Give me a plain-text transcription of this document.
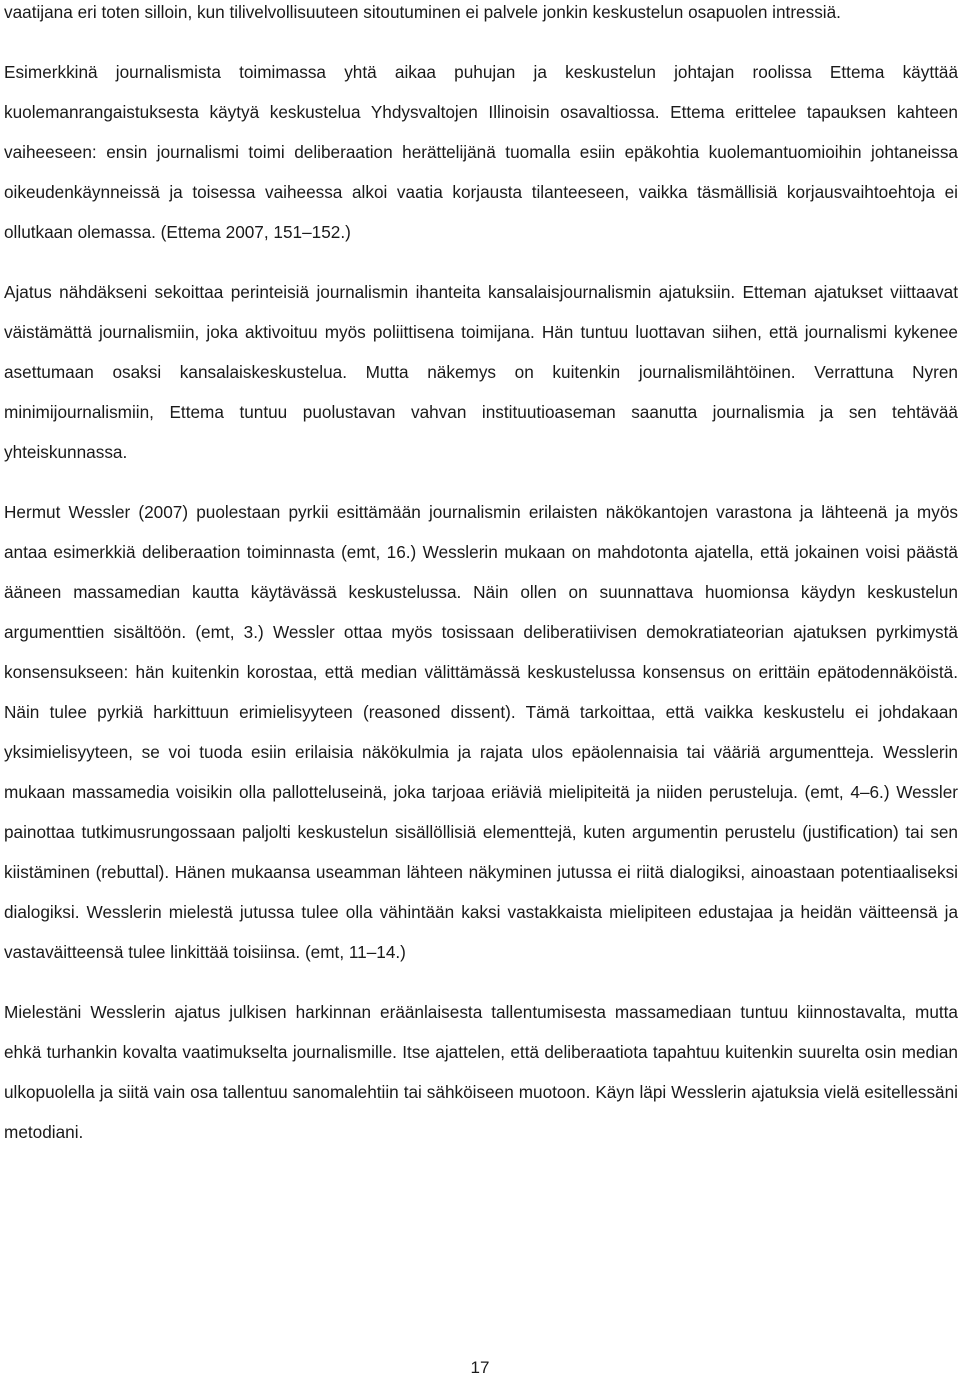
vaatijana eri toten silloin, kun tilivelvollisuuteen sitoutuminen ei palvele jonkin keskustelun osapuolen intressiä.

Esimerkkinä journalismista toimimassa yhtä aikaa puhujan ja keskustelun johtajan roolissa Ettema käyttää kuolemanrangaistuksesta käytyä keskustelua Yhdysvaltojen Illinoisin osavaltiossa. Ettema erittelee tapauksen kahteen vaiheeseen: ensin journalismi toimi deliberaation herättelijänä tuomalla esiin epäkohtia kuolemantuomioihin johtaneissa oikeudenkäynneissä ja toisessa vaiheessa alkoi vaatia korjausta tilanteeseen, vaikka täsmällisiä korjausvaihtoehtoja ei ollutkaan olemassa. (Ettema 2007, 151–152.)

Ajatus nähdäkseni sekoittaa perinteisiä journalismin ihanteita kansalaisjournalismin ajatuksiin. Etteman ajatukset viittaavat väistämättä journalismiin, joka aktivoituu myös poliittisena toimijana. Hän tuntuu luottavan siihen, että journalismi kykenee asettumaan osaksi kansalaiskeskustelua. Mutta näkemys on kuitenkin journalismilähtöinen. Verrattuna Nyren minimijournalismiin, Ettema tuntuu puolustavan vahvan instituutioaseman saanutta journalismia ja sen tehtävää yhteiskunnassa.

Hermut Wessler (2007) puolestaan pyrkii esittämään journalismin erilaisten näkökantojen varastona ja lähteenä ja myös antaa esimerkkiä deliberaation toiminnasta (emt, 16.) Wesslerin mukaan on mahdotonta ajatella, että jokainen voisi päästä ääneen massamedian kautta käytävässä keskustelussa. Näin ollen on suunnattava huomionsa käydyn keskustelun argumenttien sisältöön. (emt, 3.) Wessler ottaa myös tosissaan deliberatiivisen demokratiateorian ajatuksen pyrkimystä konsensukseen: hän kuitenkin korostaa, että median välittämässä keskustelussa konsensus on erittäin epätodennäköistä. Näin tulee pyrkiä harkittuun erimielisyyteen (reasoned dissent). Tämä tarkoittaa, että vaikka keskustelu ei johdakaan yksimielisyyteen, se voi tuoda esiin erilaisia näkökulmia ja rajata ulos epäolennaisia tai vääriä argumentteja. Wesslerin mukaan massamedia voisikin olla pallotteluseinä, joka tarjoaa eriäviä mielipiteitä ja niiden perusteluja. (emt, 4–6.) Wessler painottaa tutkimusrungossaan paljolti keskustelun sisällöllisiä elementtejä, kuten argumentin perustelu (justification) tai sen kiistäminen (rebuttal). Hänen mukaansa useamman lähteen näkyminen jutussa ei riitä dialogiksi, ainoastaan potentiaaliseksi dialogiksi. Wesslerin mielestä jutussa tulee olla vähintään kaksi vastakkaista mielipiteen edustajaa ja heidän väitteensä ja vastaväitteensä tulee linkittää toisiinsa. (emt, 11–14.)

Mielestäni Wesslerin ajatus julkisen harkinnan eräänlaisesta tallentumisesta massamediaan tuntuu kiinnostavalta, mutta ehkä turhankin kovalta vaatimukselta journalismille. Itse ajattelen, että deliberaatiota tapahtuu kuitenkin suurelta osin median ulkopuolella ja siitä vain osa tallentuu sanomalehtiin tai sähköiseen muotoon. Käyn läpi Wesslerin ajatuksia vielä esitellessäni metodiani.

17
